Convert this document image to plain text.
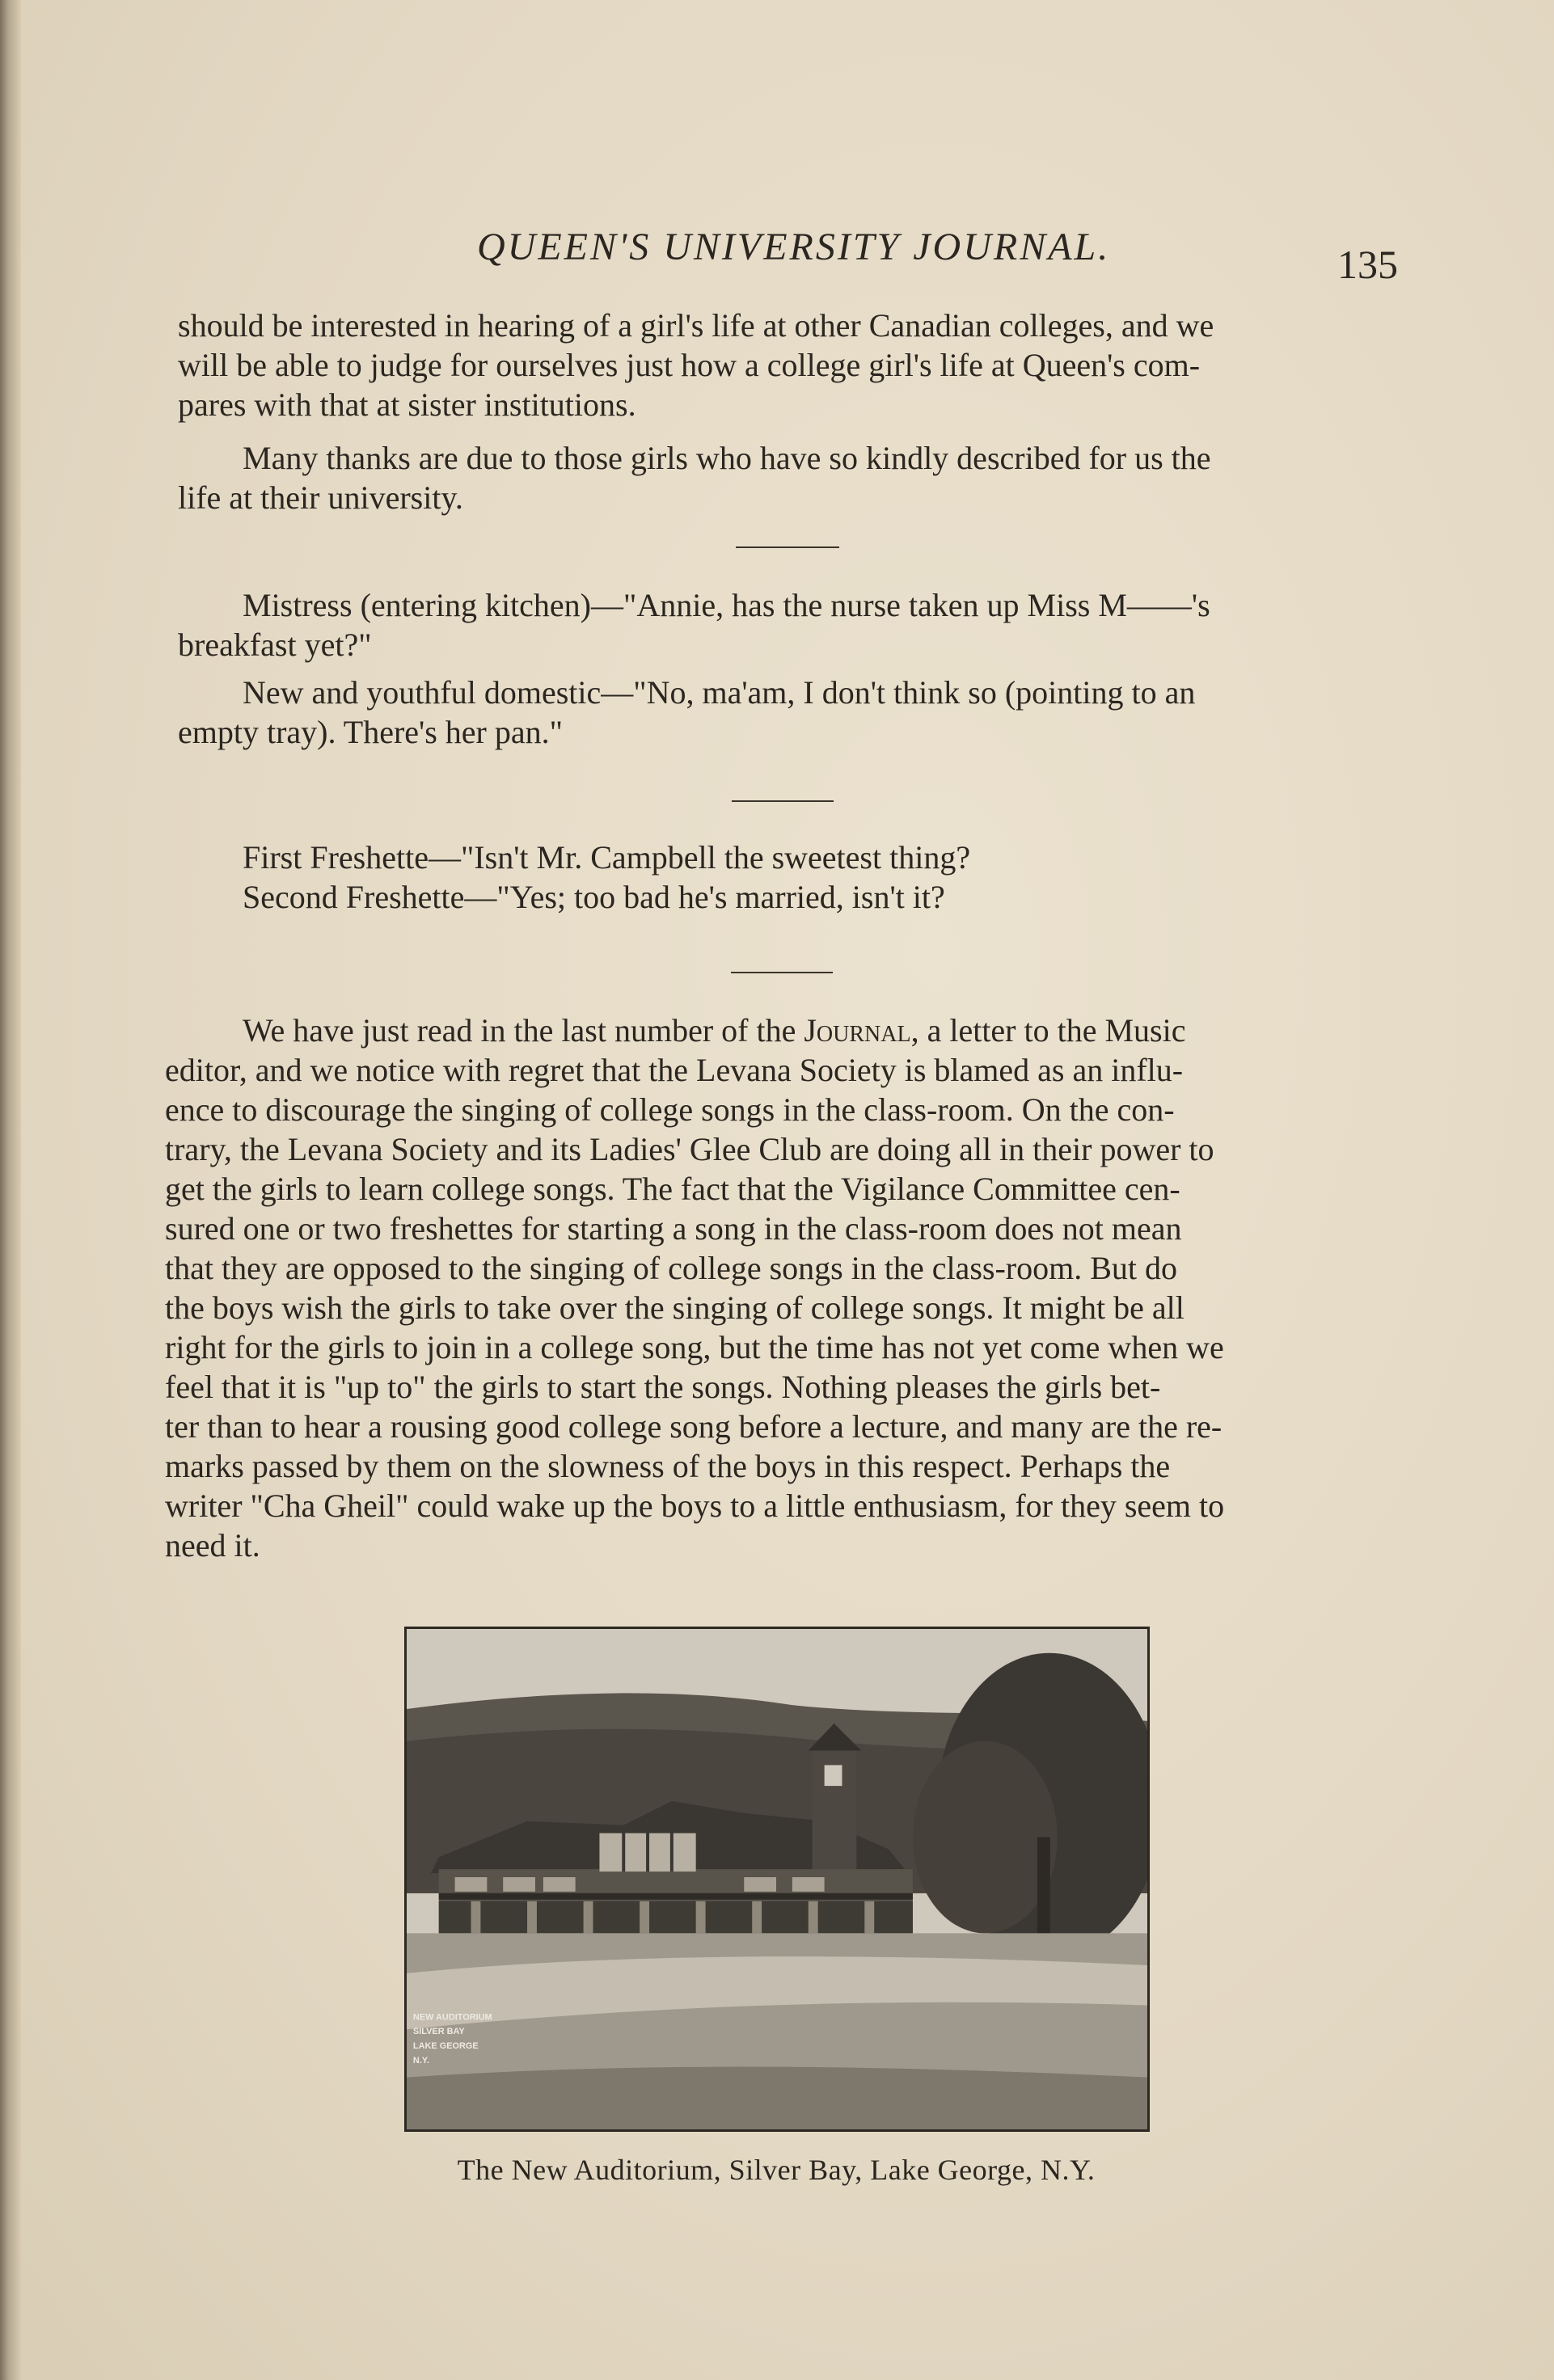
QUEEN'S UNIVERSITY JOURNAL.	135
should be interested in hearing of a girl's life at other Canadian colleges, and we
will be able to judge for ourselves just how a college girl's life at Queen's com-
pares with that at sister institutions.
Many thanks are due to those girls who have so kindly described for us the
life at their university.
Mistress (entering kitchen)—"Annie, has the nurse taken up Miss M——'s
breakfast yet?"
New and youthful domestic—"No, ma'am, I don't think so (pointing to an
empty tray). There's her pan."
First Freshette—"Isn't Mr. Campbell the sweetest thing?
Second Freshette—"Yes; too bad he's married, isn't it?
We have just read in the last number of the Journal, a letter to the Music
editor, and we notice with regret that the Levana Society is blamed as an influ-
ence to discourage the singing of college songs in the class-room. On the con-
trary, the Levana Society and its Ladies' Glee Club are doing all in their power to
get the girls to learn college songs. The fact that the Vigilance Committee cen-
sured one or two freshettes for starting a song in the class-room does not mean
that they are opposed to the singing of college songs in the class-room. But do
the boys wish the girls to take over the singing of college songs. It might be all
right for the girls to join in a college song, but the time has not yet come when we
feel that it is "up to" the girls to start the songs. Nothing pleases the girls bet-
ter than to hear a rousing good college song before a lecture, and many are the re-
marks passed by them on the slowness of the boys in this respect. Perhaps the
writer "Cha Gheil" could wake up the boys to a little enthusiasm, for they seem to
need it.
NEW AUDITORIUM
SILVER BAY
LAKE GEORGE
N.Y.
The New Auditorium, Silver Bay, Lake George, N.Y.
